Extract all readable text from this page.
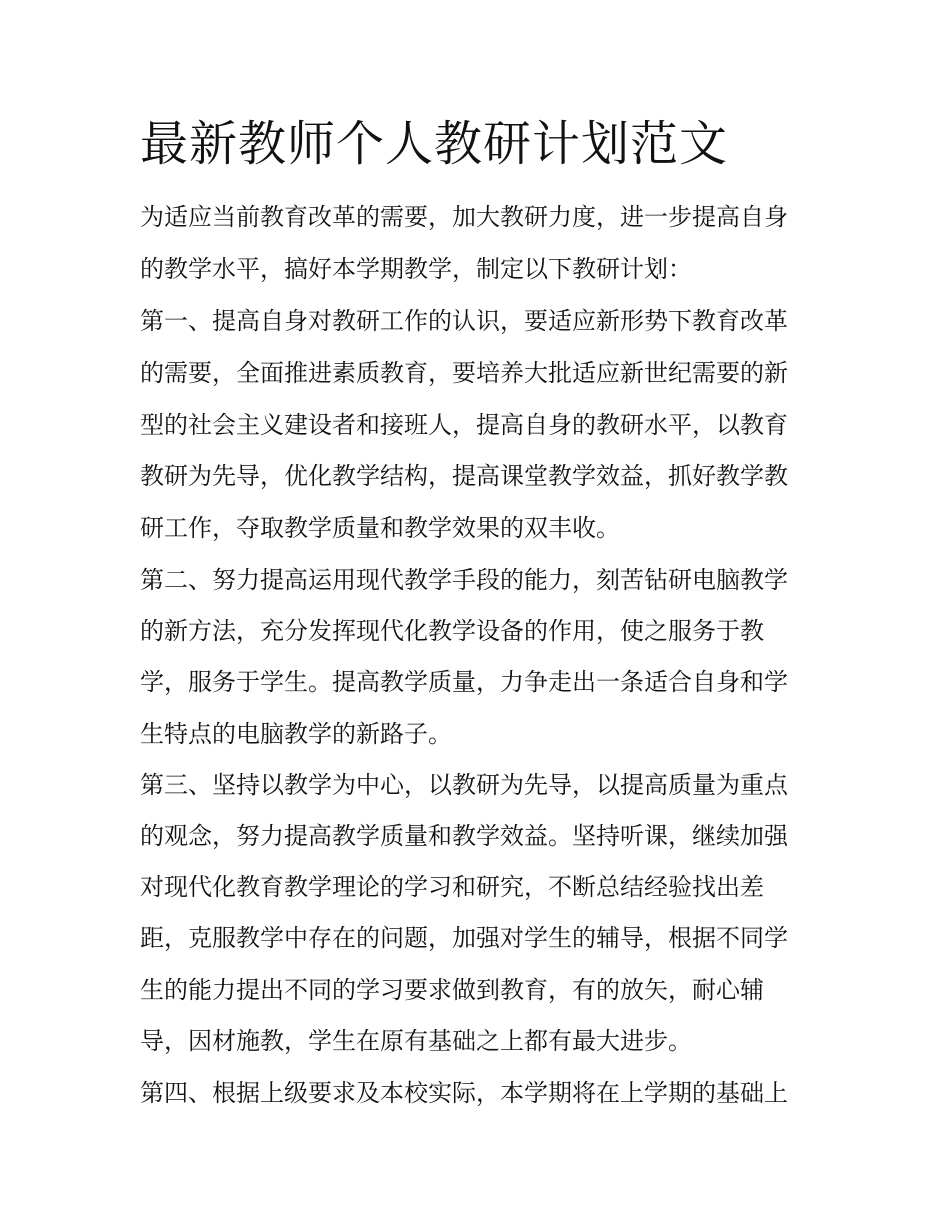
最新教师个人教研计划范文

为适应当前教育改革的需要，加大教研力度，进一步提高自身

的教学水平，搞好本学期教学，制定以下教研计划：

第一、提高自身对教研工作的认识，要适应新形势下教育改革

的需要，全面推进素质教育，要培养大批适应新世纪需要的新

型的社会主义建设者和接班人，提高自身的教研水平，以教育

教研为先导，优化教学结构，提高课堂教学效益，抓好教学教

研工作，夺取教学质量和教学效果的双丰收。

第二、努力提高运用现代教学手段的能力，刻苦钻研电脑教学

的新方法，充分发挥现代化教学设备的作用，使之服务于教

学，服务于学生。提高教学质量，力争走出一条适合自身和学

生特点的电脑教学的新路子。

第三、坚持以教学为中心，以教研为先导，以提高质量为重点

的观念，努力提高教学质量和教学效益。坚持听课，继续加强

对现代化教育教学理论的学习和研究，不断总结经验找出差

距，克服教学中存在的问题，加强对学生的辅导，根据不同学

生的能力提出不同的学习要求做到教育，有的放矢，耐心辅

导，因材施教，学生在原有基础之上都有最大进步。

第四、根据上级要求及本校实际，本学期将在上学期的基础上
